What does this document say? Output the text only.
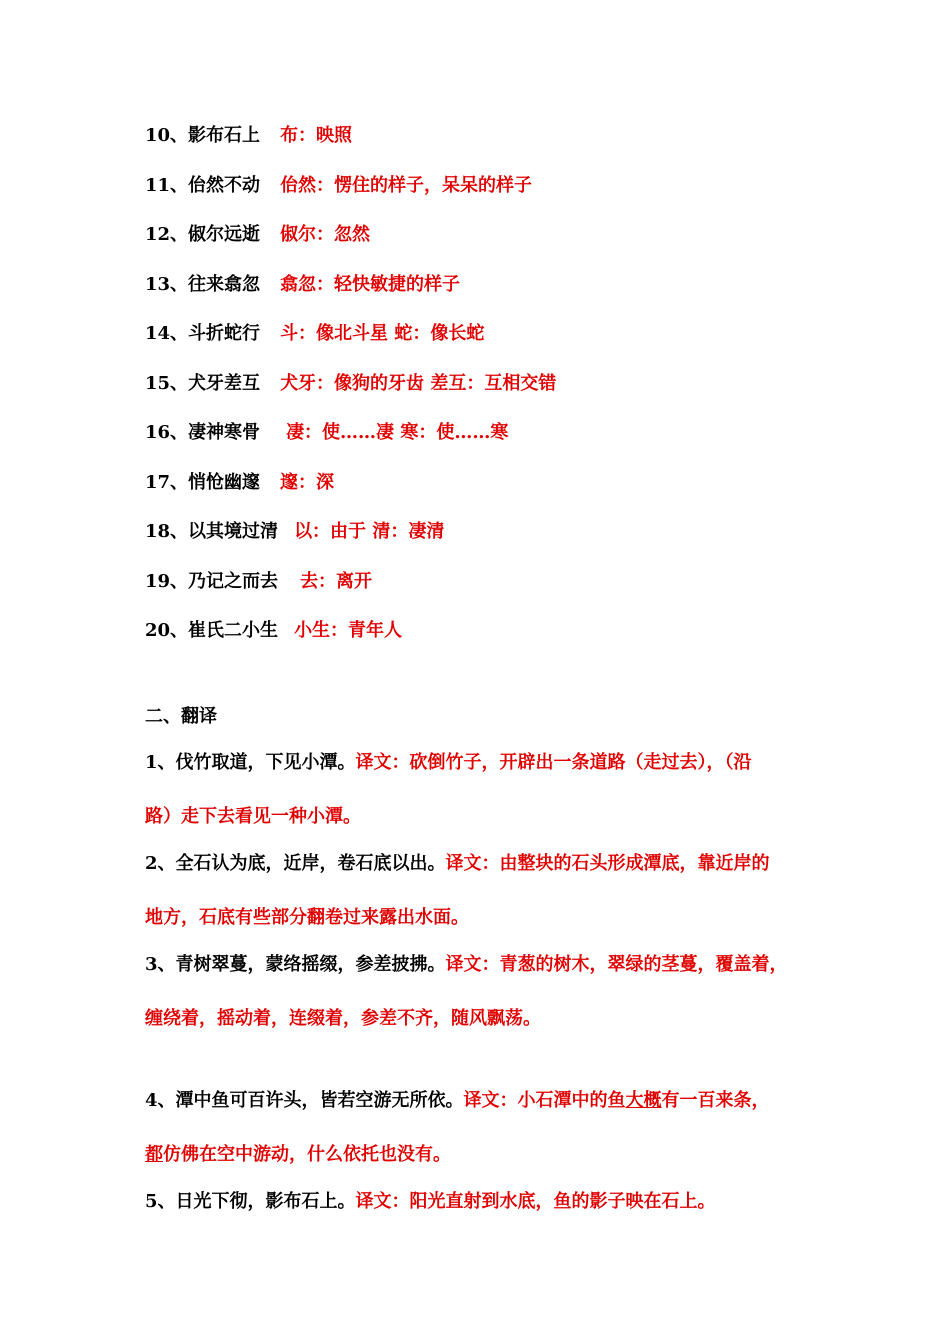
10、影布石上 布：映照
11、佁然不动 佁然：愣住的样子，呆呆的样子
12、俶尔远逝 俶尔：忽然
13、往来翕忽 翕忽：轻快敏捷的样子
14、斗折蛇行 斗：像北斗星 蛇：像长蛇
15、犬牙差互 犬牙：像狗的牙齿 差互：互相交错
16、凄神寒骨 凄：使……凄 寒：使……寒
17、悄怆幽邃 邃：深
18、以其境过清 以：由于 清：凄清
19、乃记之而去 去：离开
20、崔氏二小生 小生：青年人
二、翻译
1、伐竹取道，下见小潭。译文：砍倒竹子，开辟出一条道路（走过去），（沿
路）走下去看见一种小潭。
2、全石认为底，近岸，卷石底以出。译文：由整块的石头形成潭底，靠近岸的
地方，石底有些部分翻卷过来露出水面。
3、青树翠蔓，蒙络摇缀，参差披拂。译文：青葱的树木，翠绿的茎蔓，覆盖着，
缠绕着，摇动着，连缀着，参差不齐，随风飘荡。
4、潭中鱼可百许头，皆若空游无所依。译文：小石潭中的鱼大概有一百来条，
都仿佛在空中游动，什么依托也没有。
5、日光下彻，影布石上。译文：阳光直射到水底，鱼的影子映在石上。
